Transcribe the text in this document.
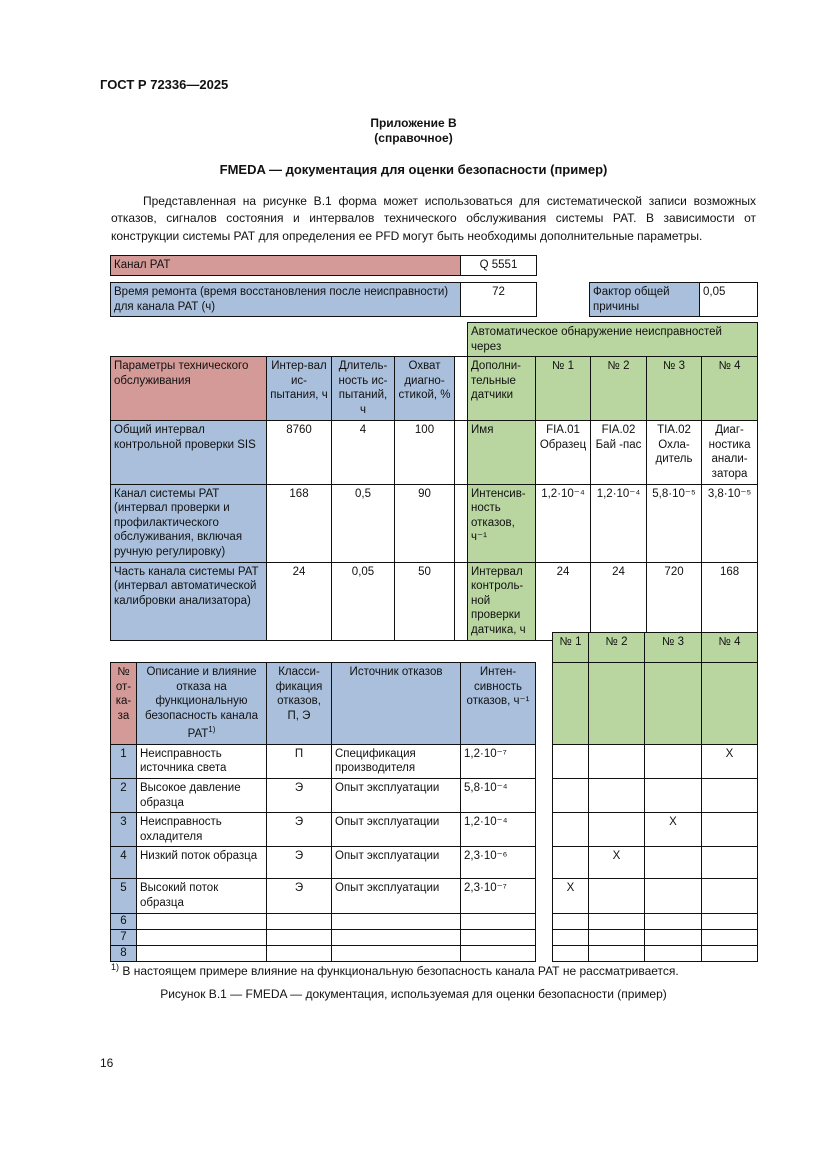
ГОСТ Р 72336—2025
Приложение В
(справочное)
FMEDA — документация для оценки безопасности (пример)
Представленная на рисунке В.1 форма может использоваться для систематической записи возможных отказов, сигналов состояния и интервалов технического обслуживания системы РАТ. В зависимости от конструкции системы РАТ для определения ее PFD могут быть необходимы дополнительные параметры.
Канал РАТ	Q 5551
Время ремонта (время восстановления после неисправности) для канала РАТ (ч)	72	Фактор общей причины	0,05
					Автоматическое обнаружение неисправностей через				
Параметры технического обслуживания	Интер-вал ис-пытания, ч	Длитель-ность ис-пытаний, ч	Охват диагно-стикой, %		Дополни-тельные датчики	№ 1	№ 2	№ 3	№ 4
Общий интервал контрольной проверки SIS	8760	4	100		Имя	FIA.01 Образец	FIA.02 Бай -пас	TIA.02 Охла-дитель	Диаг-ностика анали-затора
Канал системы РАТ (интервал проверки и профилактического обслуживания, включая ручную регулировку)	168	0,5	90		Интенсив-ность отказов, ч⁻¹	1,2·10⁻⁴	1,2·10⁻⁴	5,8·10⁻⁵	3,8·10⁻⁵
Часть канала системы РАТ (интервал автоматической калибровки анализатора)	24	0,05	50		Интервал контроль-ной проверки датчика, ч	24	24	720	168
№ 1	№ 2	№ 3	№ 4
№ от-ка-за	Описание и влияние отказа на функциональную безопасность канала РАТ$^{1)}$	Класси-фикация отказов, П, Э	Источник отказов	Интен-сивность отказов, ч⁻¹					
1	Неисправность источника света	П	Спецификация производителя	1,2·10⁻⁷					X
2	Высокое давление образца	Э	Опыт эксплуатации	5,8·10⁻⁴					
3	Неисправность охладителя	Э	Опыт эксплуатации	1,2·10⁻⁴				X	
4	Низкий поток образца	Э	Опыт эксплуатации	2,3·10⁻⁶			X		
5	Высокий поток образца	Э	Опыт эксплуатации	2,3·10⁻⁷		X			
6									
7									
8									
$^{1)}$ В настоящем примере влияние на функциональную безопасность канала РАТ не рассматривается.
Рисунок В.1 — FMEDA — документация, используемая для оценки безопасности (пример)
16
